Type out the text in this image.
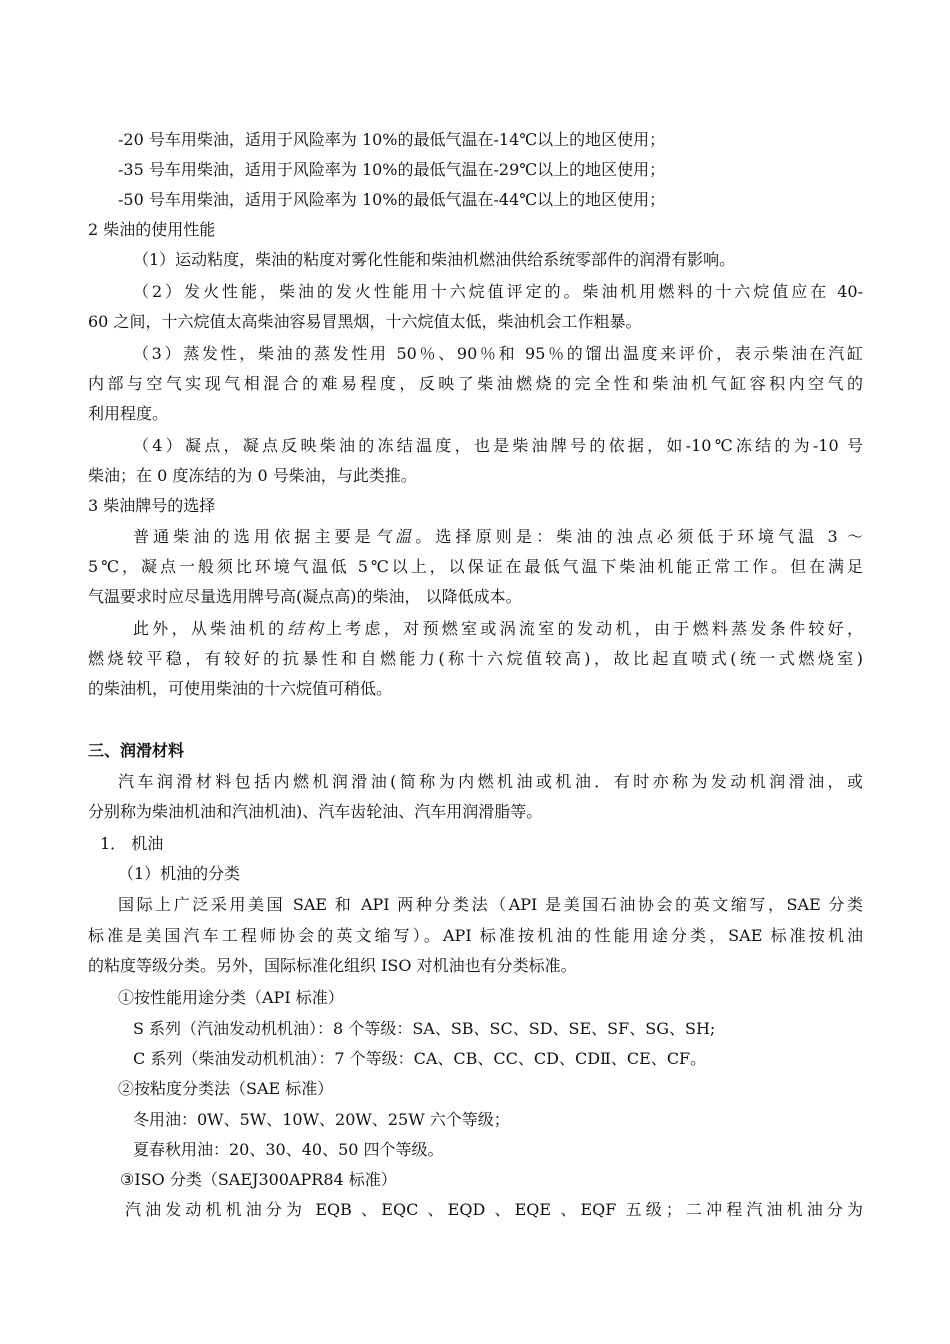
-20 号车用柴油，适用于风险率为 10%的最低气温在-14℃以上的地区使用；
-35 号车用柴油，适用于风险率为 10%的最低气温在-29℃以上的地区使用；
-50 号车用柴油，适用于风险率为 10%的最低气温在-44℃以上的地区使用；
2 柴油的使用性能
（1）运动粘度，柴油的粘度对雾化性能和柴油机燃油供给系统零部件的润滑有影响。
（2）发火性能，柴油的发火性能用十六烷值评定的。柴油机用燃料的十六烷值应在 40-
60 之间，十六烷值太高柴油容易冒黑烟，十六烷值太低，柴油机会工作粗暴。
（3）蒸发性，柴油的蒸发性用 50％、90％和 95％的馏出温度来评价，表示柴油在汽缸
内部与空气实现气相混合的难易程度，反映了柴油燃烧的完全性和柴油机气缸容积内空气的
利用程度。
（4）凝点，凝点反映柴油的冻结温度，也是柴油牌号的依据，如-10℃冻结的为-10 号
柴油；在 0 度冻结的为 0 号柴油，与此类推。
3 柴油牌号的选择
普通柴油的选用依据主要是气温。选择原则是：柴油的浊点必须低于环境气温 3 ～
5℃，凝点一般须比环境气温低 5℃以上，以保证在最低气温下柴油机能正常工作。但在满足
气温要求时应尽量选用牌号高(凝点高)的柴油， 以降低成本。
此外，从柴油机的结构上考虑，对预燃室或涡流室的发动机，由于燃料蒸发条件较好，
燃烧较平稳，有较好的抗暴性和自燃能力(称十六烷值较高)，故比起直喷式(统一式燃烧室)
的柴油机，可使用柴油的十六烷值可稍低。
三、润滑材料
汽车润滑材料包括内燃机润滑油(简称为内燃机油或机油．有时亦称为发动机润滑油，或
分别称为柴油机油和汽油机油)、汽车齿轮油、汽车用润滑脂等。
1． 机油
（1）机油的分类
国际上广泛采用美国 SAE 和 API 两种分类法（API 是美国石油协会的英文缩写，SAE 分类
标准是美国汽车工程师协会的英文缩写）。API 标准按机油的性能用途分类，SAE 标准按机油
的粘度等级分类。另外，国际标准化组织 ISO 对机油也有分类标准。
①按性能用途分类（API 标准）
S 系列（汽油发动机机油）：8 个等级：SA、SB、SC、SD、SE、SF、SG、SH;
C 系列（柴油发动机机油）：7 个等级：CA、CB、CC、CD、CDⅡ、CE、CF。
②按粘度分类法（SAE 标准）
冬用油：0W、5W、10W、20W、25W 六个等级；
夏春秋用油：20、30、40、50 四个等级。
③ISO 分类（SAEJ300APR84 标准）
汽油发动机机油分为 EQB 、EQC 、EQD 、EQE 、EQF 五级；二冲程汽油机油分为
